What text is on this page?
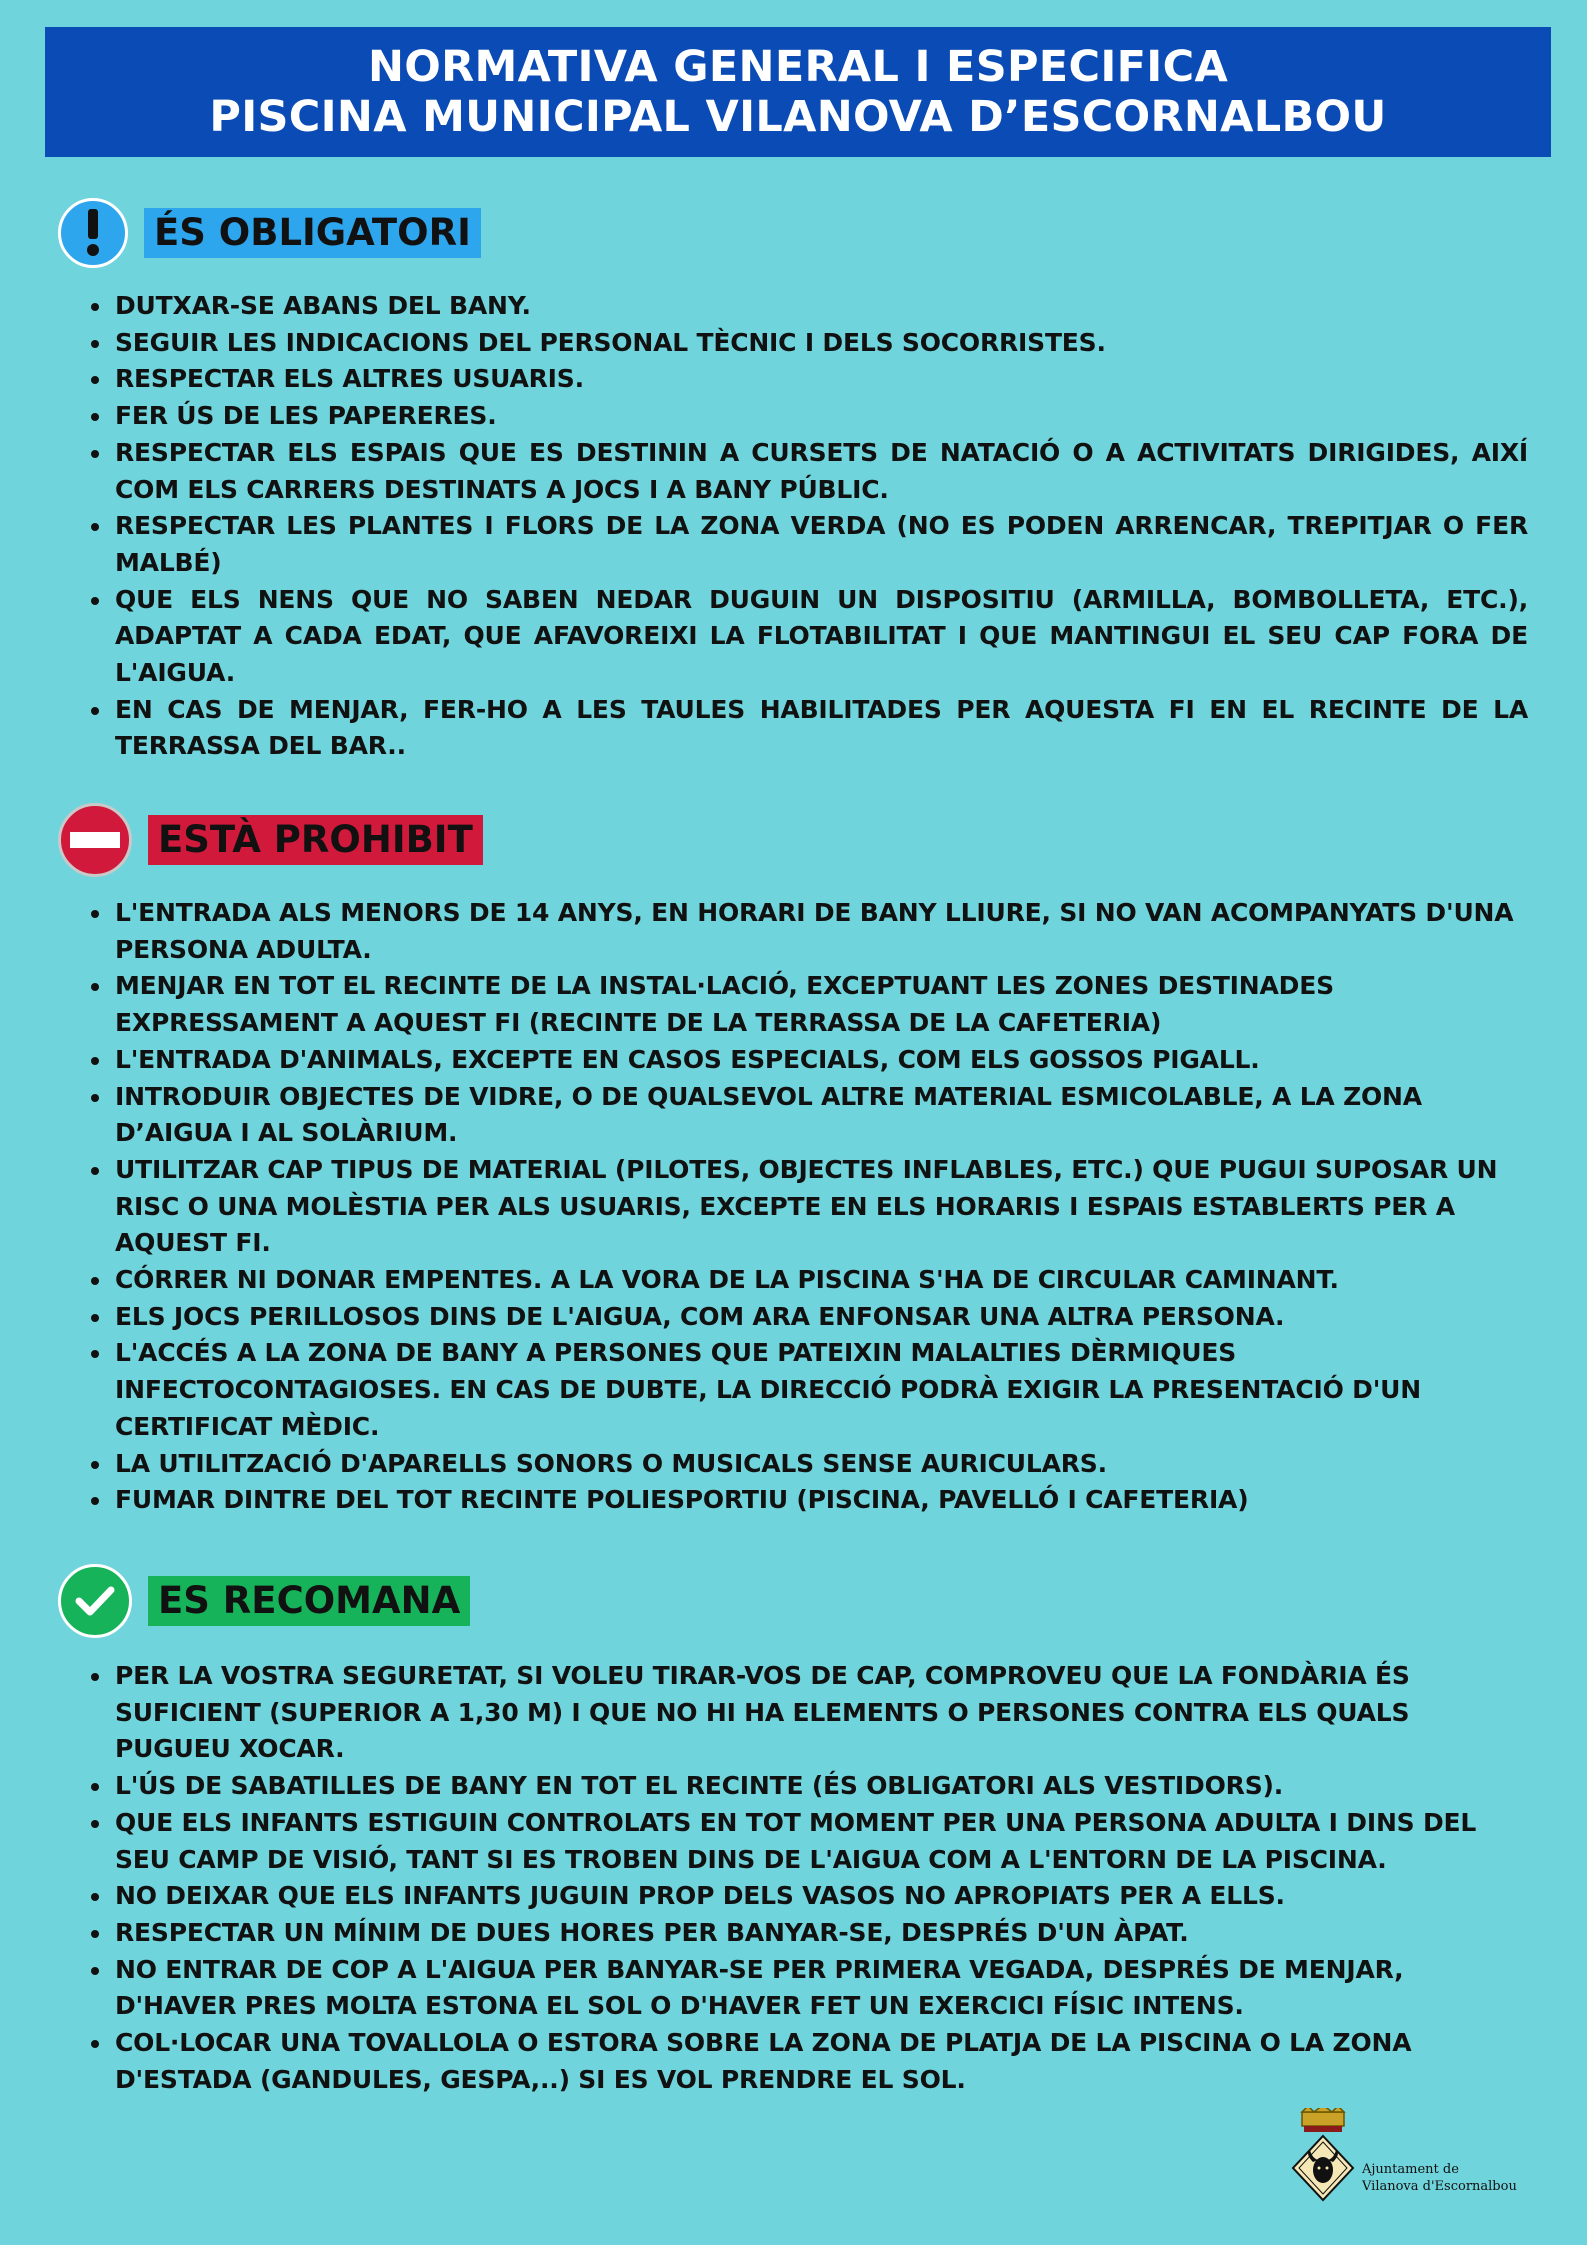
NORMATIVA GENERAL I ESPECIFICA
PISCINA MUNICIPAL VILANOVA D’ESCORNALBOU
ÉS OBLIGATORI
DUTXAR-SE ABANS DEL BANY.
SEGUIR LES INDICACIONS DEL PERSONAL TÈCNIC I DELS SOCORRISTES.
RESPECTAR ELS ALTRES USUARIS.
FER ÚS DE LES PAPERERES.
RESPECTAR ELS ESPAIS QUE ES DESTININ A CURSETS DE NATACIÓ O A ACTIVITATS DIRIGIDES, AIXÍ COM ELS CARRERS DESTINATS A JOCS I A BANY PÚBLIC.
RESPECTAR LES PLANTES I FLORS DE LA ZONA VERDA (NO ES PODEN ARRENCAR, TREPITJAR O FER MALBÉ)
QUE ELS NENS QUE NO SABEN NEDAR DUGUIN UN DISPOSITIU (ARMILLA, BOMBOLLETA, ETC.), ADAPTAT A CADA EDAT, QUE AFAVOREIXI LA FLOTABILITAT I QUE MANTINGUI EL SEU CAP FORA DE L'AIGUA.
EN CAS DE MENJAR, FER-HO A LES TAULES HABILITADES PER AQUESTA FI EN EL RECINTE DE LA TERRASSA DEL BAR..
ESTÀ PROHIBIT
L'ENTRADA ALS MENORS DE 14 ANYS, EN HORARI DE BANY LLIURE, SI NO VAN ACOMPANYATS D'UNA PERSONA ADULTA.
MENJAR EN TOT EL RECINTE DE LA INSTAL·LACIÓ, EXCEPTUANT LES ZONES DESTINADES EXPRESSAMENT A AQUEST FI (RECINTE DE LA TERRASSA DE LA CAFETERIA)
L'ENTRADA D'ANIMALS, EXCEPTE EN CASOS ESPECIALS, COM ELS GOSSOS PIGALL.
INTRODUIR OBJECTES DE VIDRE, O DE QUALSEVOL ALTRE MATERIAL ESMICOLABLE, A LA ZONA D’AIGUA I AL SOLÀRIUM.
UTILITZAR CAP TIPUS DE MATERIAL (PILOTES, OBJECTES INFLABLES, ETC.) QUE PUGUI SUPOSAR UN RISC O UNA MOLÈSTIA PER ALS USUARIS, EXCEPTE EN ELS HORARIS I ESPAIS ESTABLERTS PER A AQUEST FI.
CÓRRER NI DONAR EMPENTES. A LA VORA DE LA PISCINA S'HA DE CIRCULAR CAMINANT.
ELS JOCS PERILLOSOS DINS DE L'AIGUA, COM ARA ENFONSAR UNA ALTRA PERSONA.
L'ACCÉS A LA ZONA DE BANY A PERSONES QUE PATEIXIN MALALTIES DÈRMIQUES INFECTOCONTAGIOSES. EN CAS DE DUBTE, LA DIRECCIÓ PODRÀ EXIGIR LA PRESENTACIÓ D'UN CERTIFICAT MÈDIC.
LA UTILITZACIÓ D'APARELLS SONORS O MUSICALS SENSE AURICULARS.
FUMAR DINTRE DEL TOT RECINTE POLIESPORTIU (PISCINA, PAVELLÓ I CAFETERIA)
ES RECOMANA
PER LA VOSTRA SEGURETAT, SI VOLEU TIRAR-VOS DE CAP, COMPROVEU QUE LA FONDÀRIA ÉS SUFICIENT (SUPERIOR A 1,30 M) I QUE NO HI HA ELEMENTS O PERSONES CONTRA ELS QUALS PUGUEU XOCAR.
L'ÚS DE SABATILLES DE BANY EN TOT EL RECINTE (ÉS OBLIGATORI ALS VESTIDORS).
QUE ELS INFANTS ESTIGUIN CONTROLATS EN TOT MOMENT PER UNA PERSONA ADULTA I DINS DEL SEU CAMP DE VISIÓ, TANT SI ES TROBEN DINS DE L'AIGUA COM A L'ENTORN DE LA PISCINA.
NO DEIXAR QUE ELS INFANTS JUGUIN PROP DELS VASOS NO APROPIATS PER A ELLS.
RESPECTAR UN MÍNIM DE DUES HORES PER BANYAR-SE, DESPRÉS D'UN ÀPAT.
NO ENTRAR DE COP A L'AIGUA PER BANYAR-SE PER PRIMERA VEGADA, DESPRÉS DE MENJAR, D'HAVER PRES MOLTA ESTONA EL SOL O D'HAVER FET UN EXERCICI FÍSIC INTENS.
COL·LOCAR UNA TOVALLOLA O ESTORA SOBRE LA ZONA DE PLATJA DE LA PISCINA O LA ZONA D'ESTADA (GANDULES, GESPA,..) SI ES VOL PRENDRE EL SOL.
Ajuntament de
Vilanova d'Escornalbou
